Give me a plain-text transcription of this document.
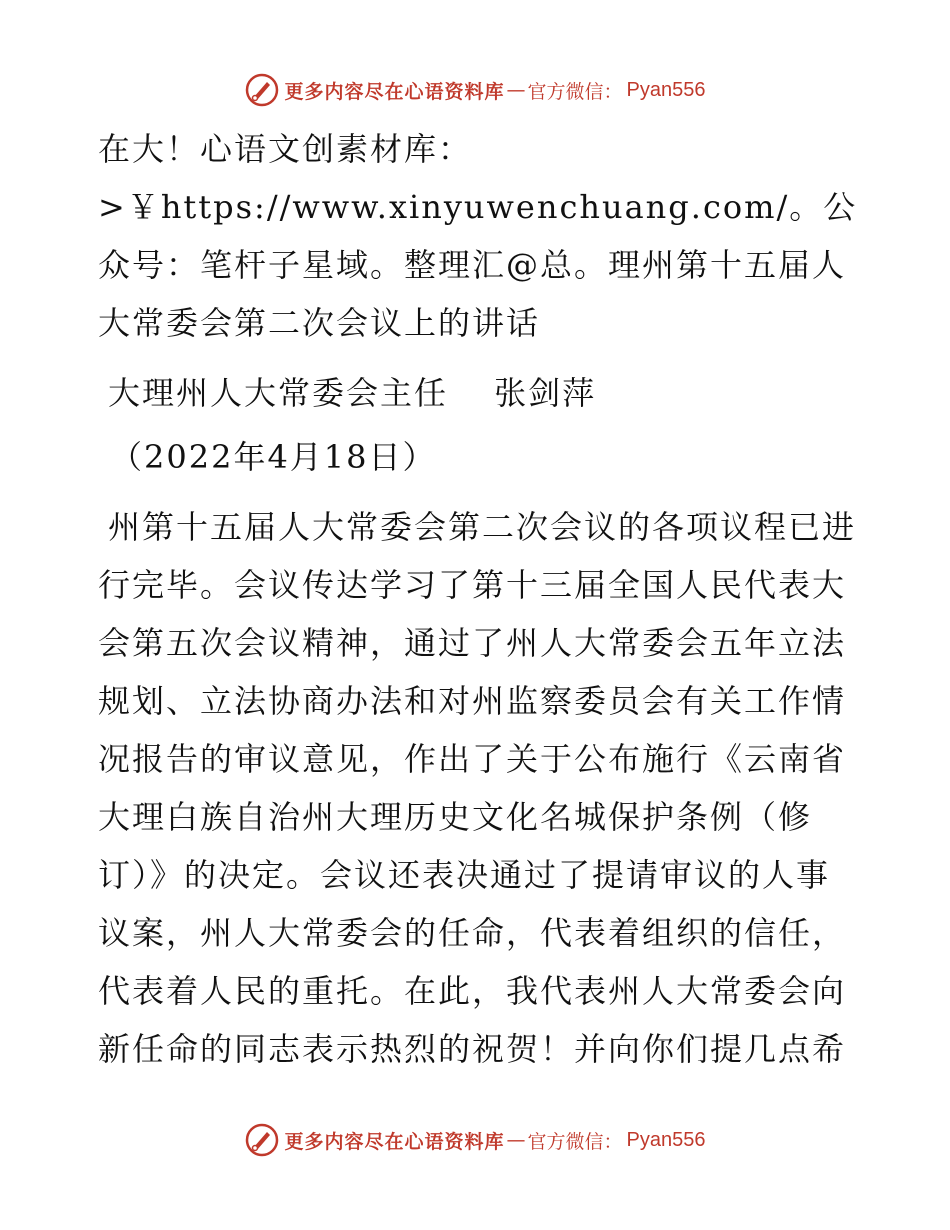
更多内容尽在心语资料库 — 官方微信： Pyan556

在大！心语文创素材库：>￥https://www.xinyuwenchuang.com/。公众号：笔杆子星域。整理汇@总。理州第十五届人大常委会第二次会议上的讲话

大理州人大常委会主任　 张剑萍

（2022年4月18日）

州第十五届人大常委会第二次会议的各项议程已进行完毕。会议传达学习了第十三届全国人民代表大会第五次会议精神，通过了州人大常委会五年立法规划、立法协商办法和对州监察委员会有关工作情况报告的审议意见，作出了关于公布施行《云南省大理白族自治州大理历史文化名城保护条例（修订）》的决定。会议还表决通过了提请审议的人事议案，州人大常委会的任命，代表着组织的信任，代表着人民的重托。在此，我代表州人大常委会向新任命的同志表示热烈的祝贺！并向你们提几点希

更多内容尽在心语资料库 — 官方微信： Pyan556
